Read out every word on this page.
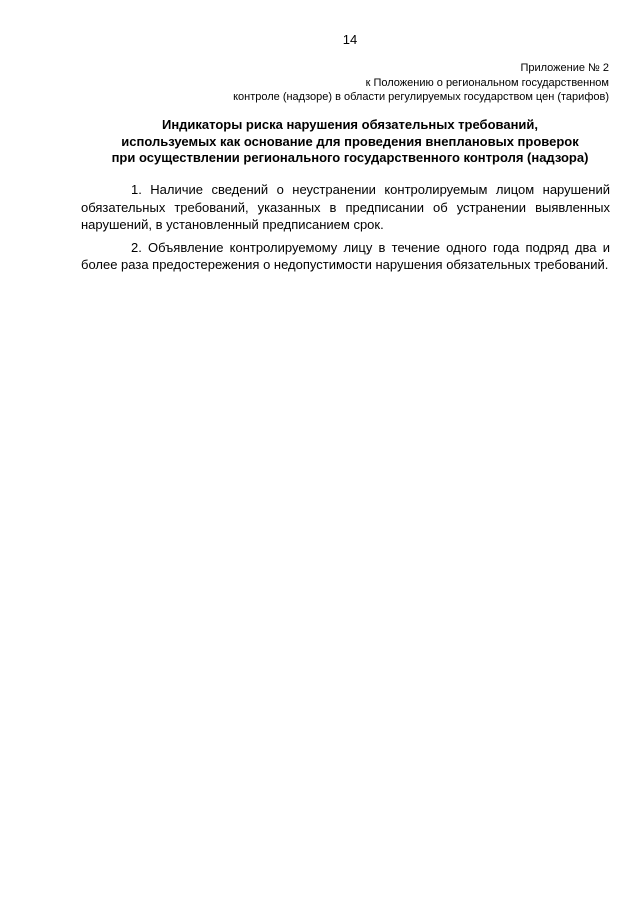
14
Приложение № 2
к Положению о региональном государственном
контроле (надзоре) в области регулируемых государством цен (тарифов)
Индикаторы риска нарушения обязательных требований,
используемых как основание для проведения внеплановых проверок
при осуществлении регионального государственного контроля (надзора)

1. Наличие сведений о неустранении контролируемым лицом нарушений обязательных требований, указанных в предписании об устранении выявленных нарушений, в установленный предписанием срок.

2. Объявление контролируемому лицу в течение одного года подряд два и более раза предостережения о недопустимости нарушения обязательных требований.
